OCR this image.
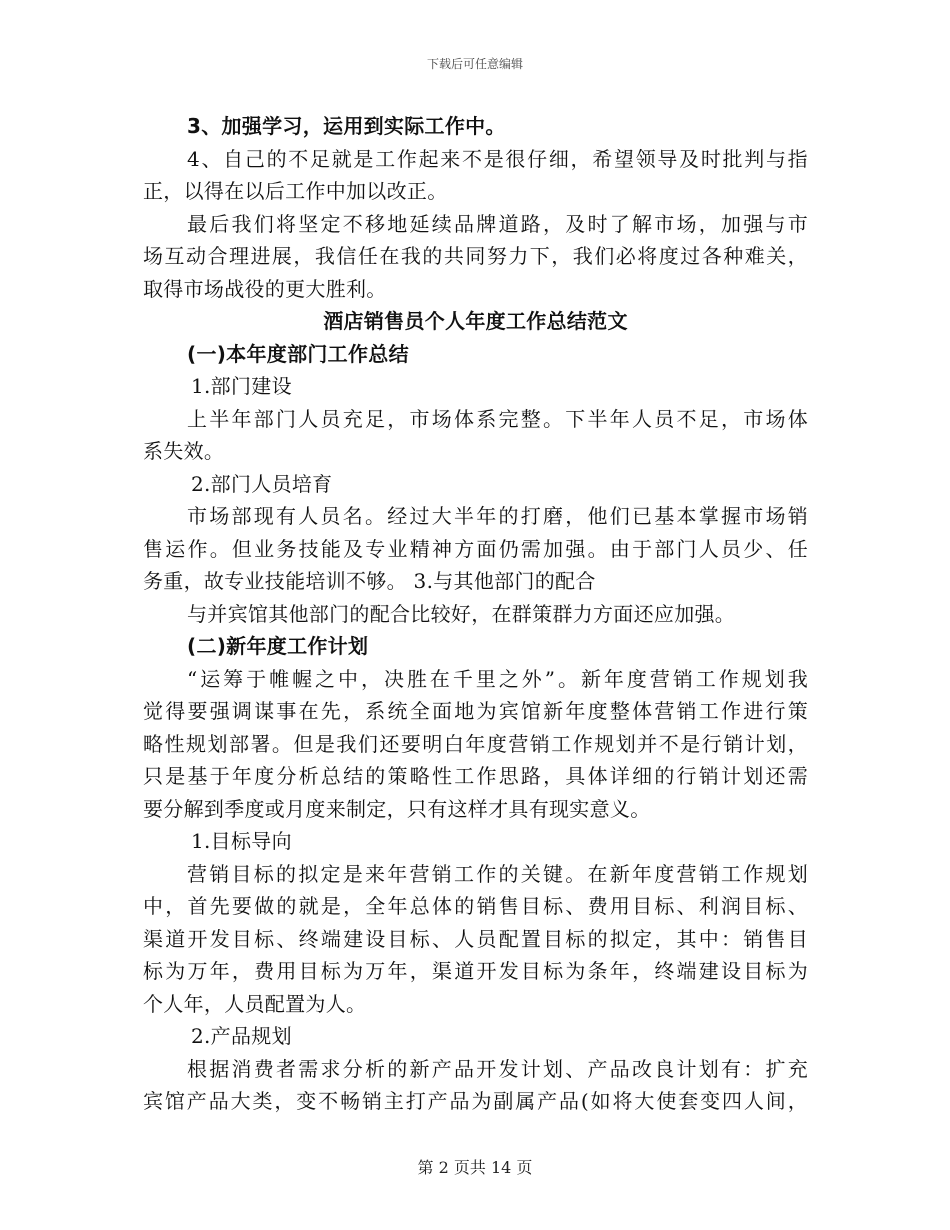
下载后可任意编辑
3、加强学习，运用到实际工作中。
4、自己的不足就是工作起来不是很仔细，希望领导及时批判与指
正，以得在以后工作中加以改正。
最后我们将坚定不移地延续品牌道路，及时了解市场，加强与市
场互动合理进展，我信任在我的共同努力下，我们必将度过各种难关，
取得市场战役的更大胜利。
酒店销售员个人年度工作总结范文
(一)本年度部门工作总结
1.部门建设
上半年部门人员充足，市场体系完整。下半年人员不足，市场体
系失效。
2.部门人员培育
市场部现有人员名。经过大半年的打磨，他们已基本掌握市场销
售运作。但业务技能及专业精神方面仍需加强。由于部门人员少、任
务重，故专业技能培训不够。 3.与其他部门的配合
与并宾馆其他部门的配合比较好，在群策群力方面还应加强。
(二)新年度工作计划
“运筹于帷幄之中，决胜在千里之外”。新年度营销工作规划我
觉得要强调谋事在先，系统全面地为宾馆新年度整体营销工作进行策
略性规划部署。但是我们还要明白年度营销工作规划并不是行销计划，
只是基于年度分析总结的策略性工作思路，具体详细的行销计划还需
要分解到季度或月度来制定，只有这样才具有现实意义。
1.目标导向
营销目标的拟定是来年营销工作的关键。在新年度营销工作规划
中，首先要做的就是，全年总体的销售目标、费用目标、利润目标、
渠道开发目标、终端建设目标、人员配置目标的拟定，其中：销售目
标为万年，费用目标为万年，渠道开发目标为条年，终端建设目标为
个人年，人员配置为人。
2.产品规划
根据消费者需求分析的新产品开发计划、产品改良计划有：扩充
宾馆产品大类，变不畅销主打产品为副属产品(如将大使套变四人间，
第 2 页共 14 页
